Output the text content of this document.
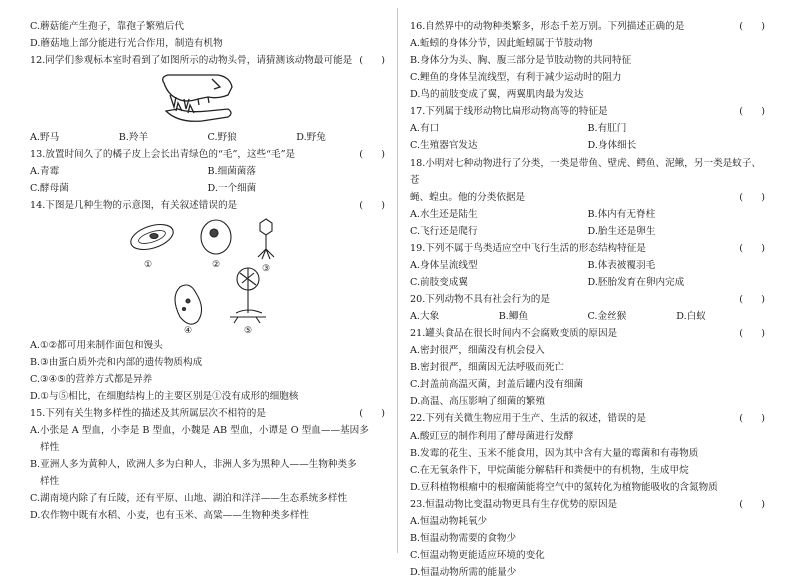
C.蘑菇能产生孢子，靠孢子繁殖后代
D.蘑菇地上部分能进行光合作用，制造有机物
12.同学们参观标本室时看到了如图所示的动物头骨，请猜测该动物最可能是 (      )
A.野马	B.羚羊	C.野狼	D.野兔
13.放置时间久了的橘子皮上会长出青绿色的“毛”，这些“毛”是	(      )
A.青霉	B.细菌菌落
C.酵母菌	D.一个细菌
14.下图是几种生物的示意图，有关叙述错误的是	(      )
①	②	③
④	⑤
A.①②都可用来制作面包和馒头
B.③由蛋白质外壳和内部的遗传物质构成
C.③④⑤的营养方式都是异养
D.①与⑤相比，在细胞结构上的主要区别是①没有成形的细胞核
15.下列有关生物多样性的描述及其所属层次不相符的是	(      )
A.小张是 A 型血，小李是 B 型血，小魏是 AB 型血，小谭是 O 型血——基因多
样性
B.亚洲人多为黄种人，欧洲人多为白种人，非洲人多为黑种人——生物种类多
样性
C.湖南境内除了有丘陵，还有平原、山地、湖泊和洋洋——生态系统多样性
D.农作物中既有水稻、小麦，也有玉米、高粱——生物种类多样性
16.自然界中的动物种类繁多，形态千差万别。下列描述正确的是	(      )
A.蚯蚓的身体分节，因此蚯蚓属于节肢动物
B.身体分为头、胸、腹三部分是节肢动物的共同特征
C.鲤鱼的身体呈流线型，有利于减少运动时的阻力
D.鸟的前肢变成了翼，两翼肌肉最为发达
17.下列属于线形动物比扁形动物高等的特征是	(      )
A.有口	B.有肛门
C.生殖器官发达	D.身体细长
18.小明对七种动物进行了分类，一类是带鱼、壁虎、鳄鱼、泥鳅，另一类是蚊子、苍
蝇、蝗虫。他的分类依据是	(      )
A.水生还是陆生	B.体内有无脊柱
C.飞行还是爬行	D.胎生还是卵生
19.下列不属于鸟类适应空中飞行生活的形态结构特征是	(      )
A.身体呈流线型	B.体表被覆羽毛
C.前肢变成翼	D.胚胎发育在卵内完成
20.下列动物不具有社会行为的是	(      )
A.大象	B.鲫鱼	C.金丝猴	D.白蚁
21.罐头食品在很长时间内不会腐败变质的原因是	(      )
A.密封很严，细菌没有机会侵入
B.密封很严，细菌因无法呼吸而死亡
C.封盖前高温灭菌，封盖后罐内没有细菌
D.高温、高压影响了细菌的繁殖
22.下列有关微生物应用于生产、生活的叙述，错误的是	(      )
A.酸豇豆的制作利用了酵母菌进行发酵
B.发霉的花生、玉米不能食用，因为其中含有大量的霉菌和有毒物质
C.在无氧条件下，甲烷菌能分解秸秆和粪便中的有机物，生成甲烷
D.豆科植物根瘤中的根瘤菌能将空气中的氮转化为植物能吸收的含氮物质
23.恒温动物比变温动物更具有生存优势的原因是	(      )
A.恒温动物耗氧少
B.恒温动物需要的食物少
C.恒温动物更能适应环境的变化
D.恒温动物所需的能量少
